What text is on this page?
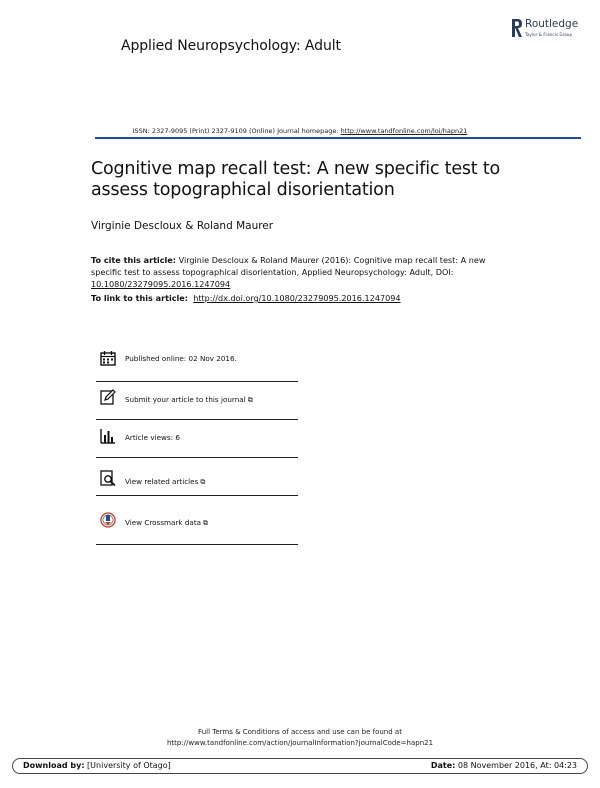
Applied Neuropsychology: Adult
Routledge
Taylor & Francis Group
ISSN: 2327-9095 (Print) 2327-9109 (Online) Journal homepage: http://www.tandfonline.com/loi/hapn21
Cognitive map recall test: A new specific test to assess topographical disorientation
Virginie Descloux & Roland Maurer
To cite this article: Virginie Descloux & Roland Maurer (2016): Cognitive map recall test: A new specific test to assess topographical disorientation, Applied Neuropsychology: Adult, DOI: 10.1080/23279095.2016.1247094
To link to this article: http://dx.doi.org/10.1080/23279095.2016.1247094
Published online: 02 Nov 2016.
Submit your article to this journal ⧉
Article views: 6
View related articles ⧉
View Crossmark data ⧉
Full Terms & Conditions of access and use can be found at
http://www.tandfonline.com/action/journalInformation?journalCode=hapn21
Download by: [University of Otago]	Date: 08 November 2016, At: 04:23
